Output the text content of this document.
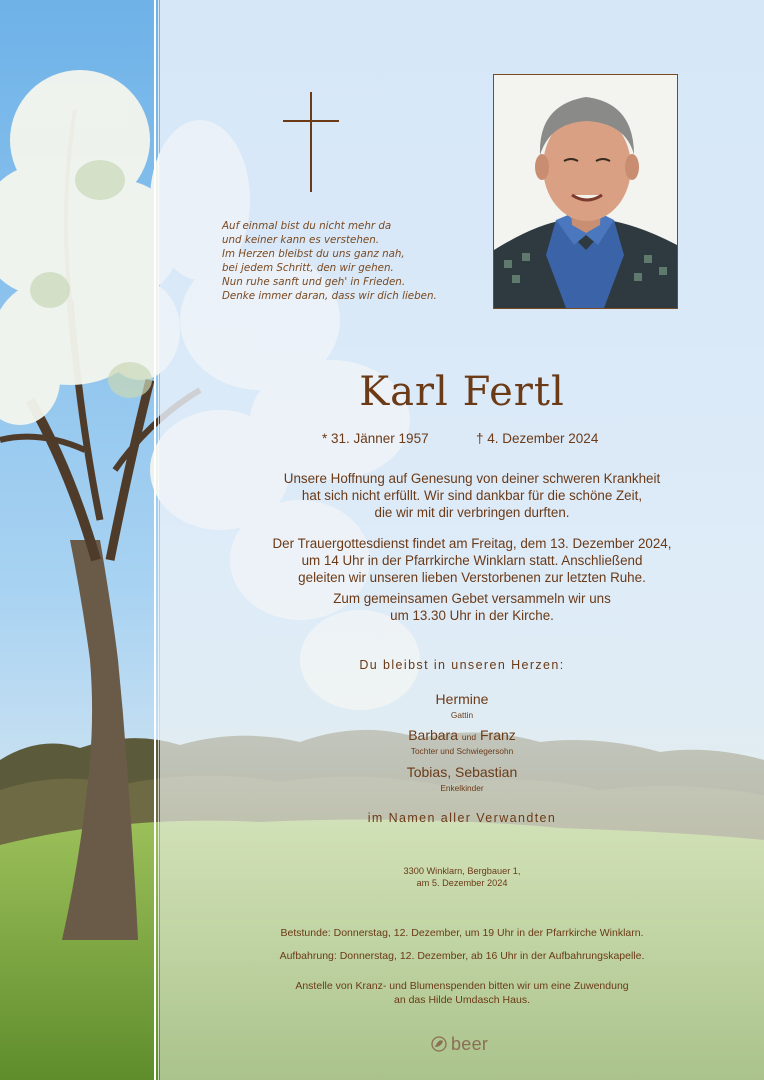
Auf einmal bist du nicht mehr da
und keiner kann es verstehen.
Im Herzen bleibst du uns ganz nah,
bei jedem Schritt, den wir gehen.
Nun ruhe sanft und geh' in Frieden.
Denke immer daran, dass wir dich lieben.
Karl Fertl
* 31. Jänner 1957	† 4. Dezember 2024
Unsere Hoffnung auf Genesung von deiner schweren Krankheit
hat sich nicht erfüllt. Wir sind dankbar für die schöne Zeit,
die wir mit dir verbringen durften.
Der Trauergottesdienst findet am Freitag, dem 13. Dezember 2024,
um 14 Uhr in der Pfarrkirche Winklarn statt. Anschließend
geleiten wir unseren lieben Verstorbenen zur letzten Ruhe.
Zum gemeinsamen Gebet versammeln wir uns
um 13.30 Uhr in der Kirche.
Du bleibst in unseren Herzen:
Hermine
Gattin
Barbara und Franz
Tochter und Schwiegersohn
Tobias, Sebastian
Enkelkinder
im Namen aller Verwandten
3300 Winklarn, Bergbauer 1,
am 5. Dezember 2024
Betstunde: Donnerstag, 12. Dezember, um 19 Uhr in der Pfarrkirche Winklarn.
Aufbahrung: Donnerstag, 12. Dezember, ab 16 Uhr in der Aufbahrungskapelle.
Anstelle von Kranz- und Blumenspenden bitten wir um eine Zuwendung
an das Hilde Umdasch Haus.
beer
